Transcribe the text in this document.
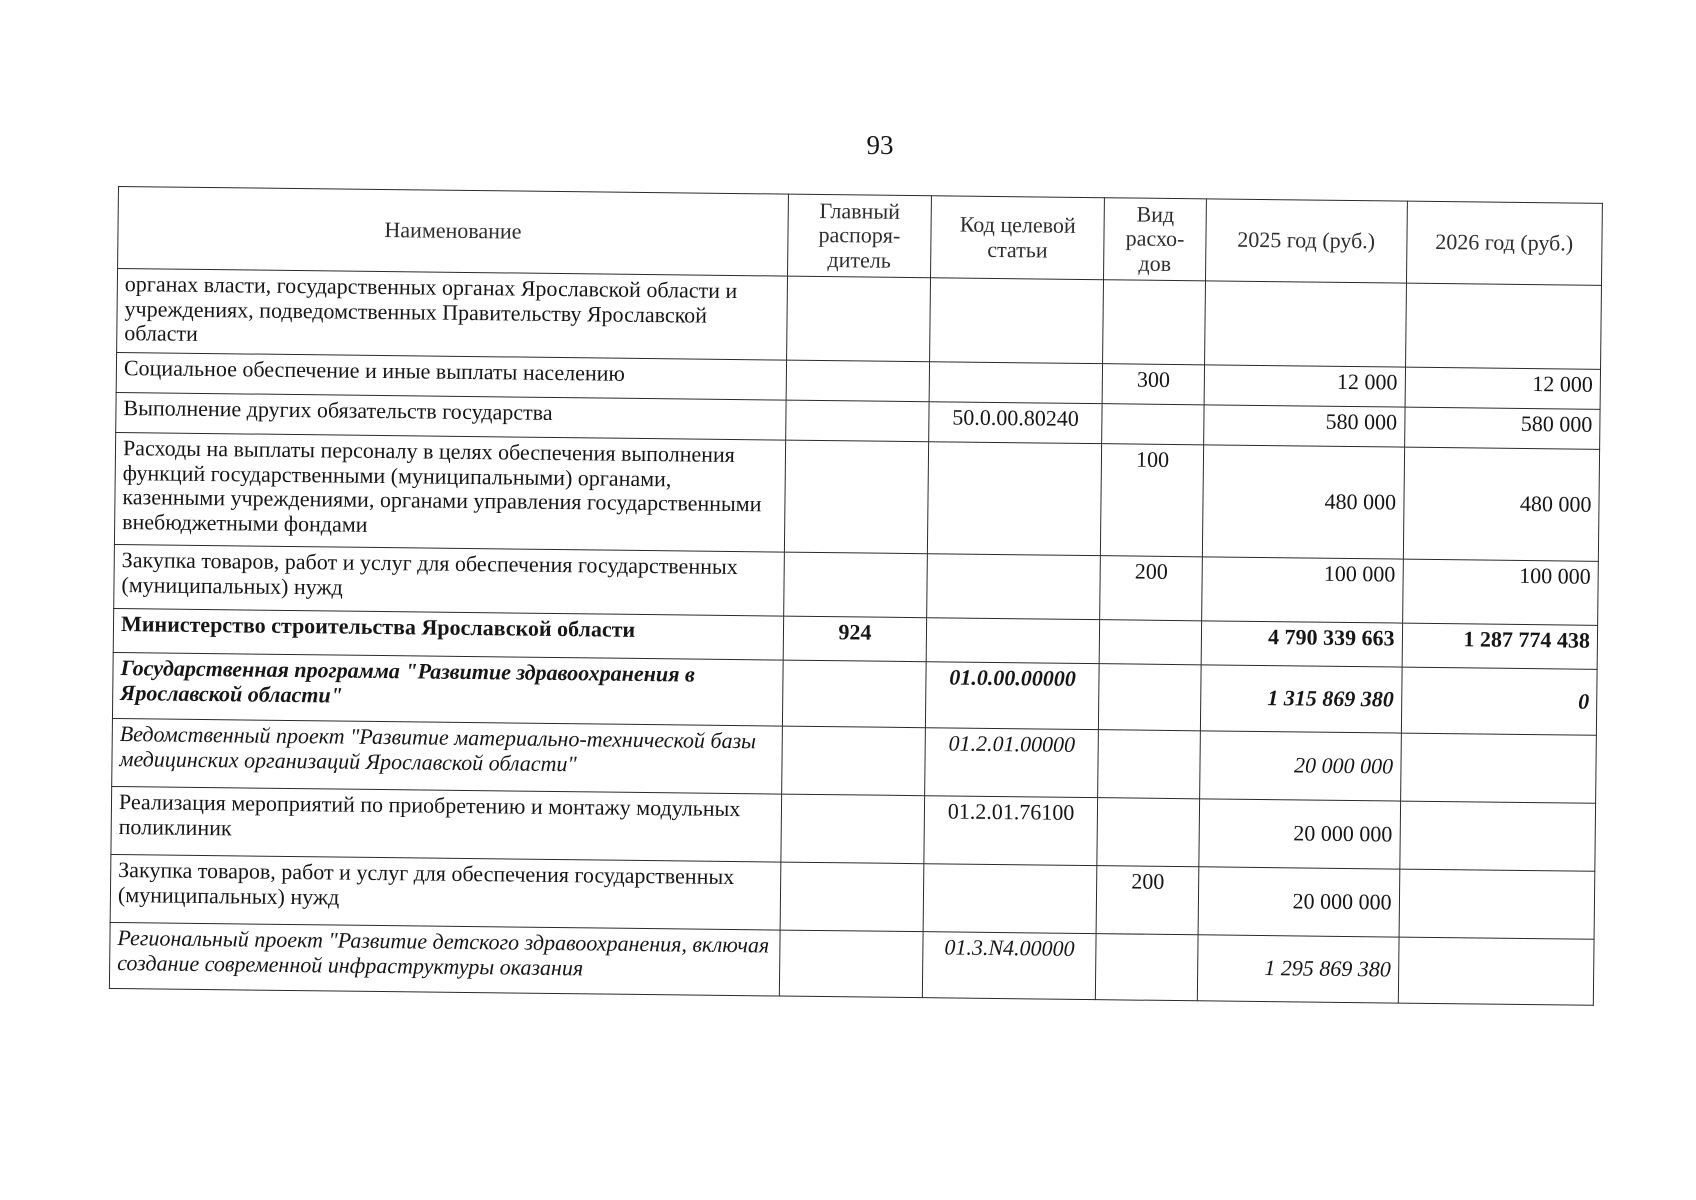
93
Наименование	Главный распоря-дитель	Код целевой статьи	Вид расхо-дов	2025 год (руб.)	2026 год (руб.)
органах власти, государственных органах Ярославской области и учреждениях, подведомственных Правительству Ярославской области					
Социальное обеспечение и иные выплаты населению			300	12 000	12 000
Выполнение других обязательств государства		50.0.00.80240		580 000	580 000
Расходы на выплаты персоналу в целях обеспечения выполнения функций государственными (муниципальными) органами, казенными учреждениями, органами управления государственными внебюджетными фондами			100	480 000	480 000
Закупка товаров, работ и услуг для обеспечения государственных (муниципальных) нужд			200	100 000	100 000
Министерство строительства Ярославской области	924			4 790 339 663	1 287 774 438
Государственная программа "Развитие здравоохранения в Ярославской области"		01.0.00.00000		1 315 869 380	0
Ведомственный проект "Развитие материально-технической базы медицинских организаций Ярославской области"		01.2.01.00000		20 000 000	
Реализация мероприятий по приобретению и монтажу модульных поликлиник		01.2.01.76100		20 000 000	
Закупка товаров, работ и услуг для обеспечения государственных (муниципальных) нужд			200	20 000 000	
Региональный проект "Развитие детского здравоохранения, включая создание современной инфраструктуры оказания		01.3.N4.00000		1 295 869 380	
